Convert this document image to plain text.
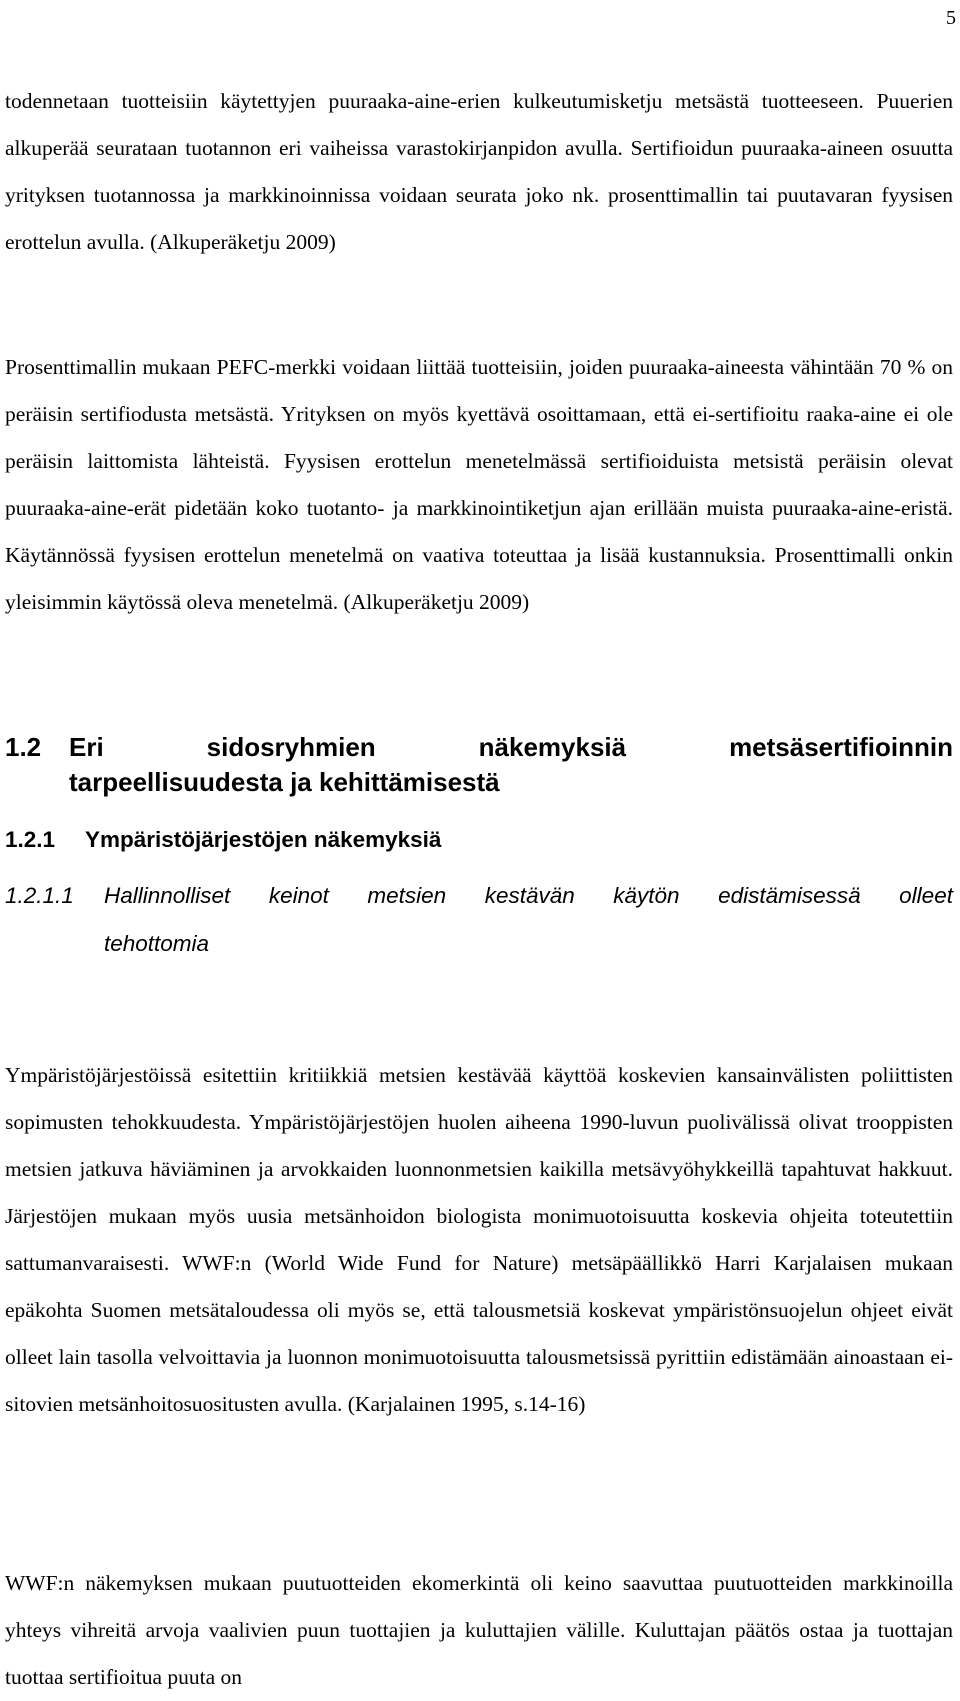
5

todennetaan tuotteisiin käytettyjen puuraaka-aine-erien kulkeutumisketju metsästä tuotteeseen. Puuerien alkuperää seurataan tuotannon eri vaiheissa varastokirjanpidon avulla. Sertifioidun puuraaka-aineen osuutta yrityksen tuotannossa ja markkinoinnissa voidaan seurata joko nk. prosenttimallin tai puutavaran fyysisen erottelun avulla. (Alkuperäketju 2009)

Prosenttimallin mukaan PEFC-merkki voidaan liittää tuotteisiin, joiden puuraaka-aineesta vähintään 70 % on peräisin sertifiodusta metsästä. Yrityksen on myös kyettävä osoittamaan, että ei-sertifioitu raaka-aine ei ole peräisin laittomista lähteistä. Fyysisen erottelun menetelmässä sertifioiduista metsistä peräisin olevat puuraaka-aine-erät pidetään koko tuotanto- ja markkinointiketjun ajan erillään muista puuraaka-aine-eristä. Käytännössä fyysisen erottelun menetelmä on vaativa toteuttaa ja lisää kustannuksia. Prosenttimalli onkin yleisimmin käytössä oleva menetelmä. (Alkuperäketju 2009)

1.2 Eri	sidosryhmien	näkemyksiä	metsäsertifioinnin
tarpeellisuudesta ja kehittämisestä
1.2.1 Ympäristöjärjestöjen näkemyksiä
1.2.1.1 Hallinnolliset keinot metsien kestävän käytön edistämisessä olleet
tehottomia

Ympäristöjärjestöissä esitettiin kritiikkiä metsien kestävää käyttöä koskevien kansainvälisten poliittisten sopimusten tehokkuudesta. Ympäristöjärjestöjen huolen aiheena 1990-luvun puolivälissä olivat trooppisten metsien jatkuva häviäminen ja arvokkaiden luonnonmetsien kaikilla metsävyöhykkeillä tapahtuvat hakkuut. Järjestöjen mukaan myös uusia metsänhoidon biologista monimuotoisuutta koskevia ohjeita toteutettiin sattumanvaraisesti. WWF:n (World Wide Fund for Nature) metsäpäällikkö Harri Karjalaisen mukaan epäkohta Suomen metsätaloudessa oli myös se, että talousmetsiä koskevat ympäristönsuojelun ohjeet eivät olleet lain tasolla velvoittavia ja luonnon monimuotoisuutta talousmetsissä pyrittiin edistämään ainoastaan ei-sitovien metsänhoitosuositusten avulla. (Karjalainen 1995, s.14-16)

WWF:n näkemyksen mukaan puutuotteiden ekomerkintä oli keino saavuttaa puutuotteiden markkinoilla yhteys vihreitä arvoja vaalivien puun tuottajien ja kuluttajien välille. Kuluttajan päätös ostaa ja tuottajan tuottaa sertifioitua puuta on
